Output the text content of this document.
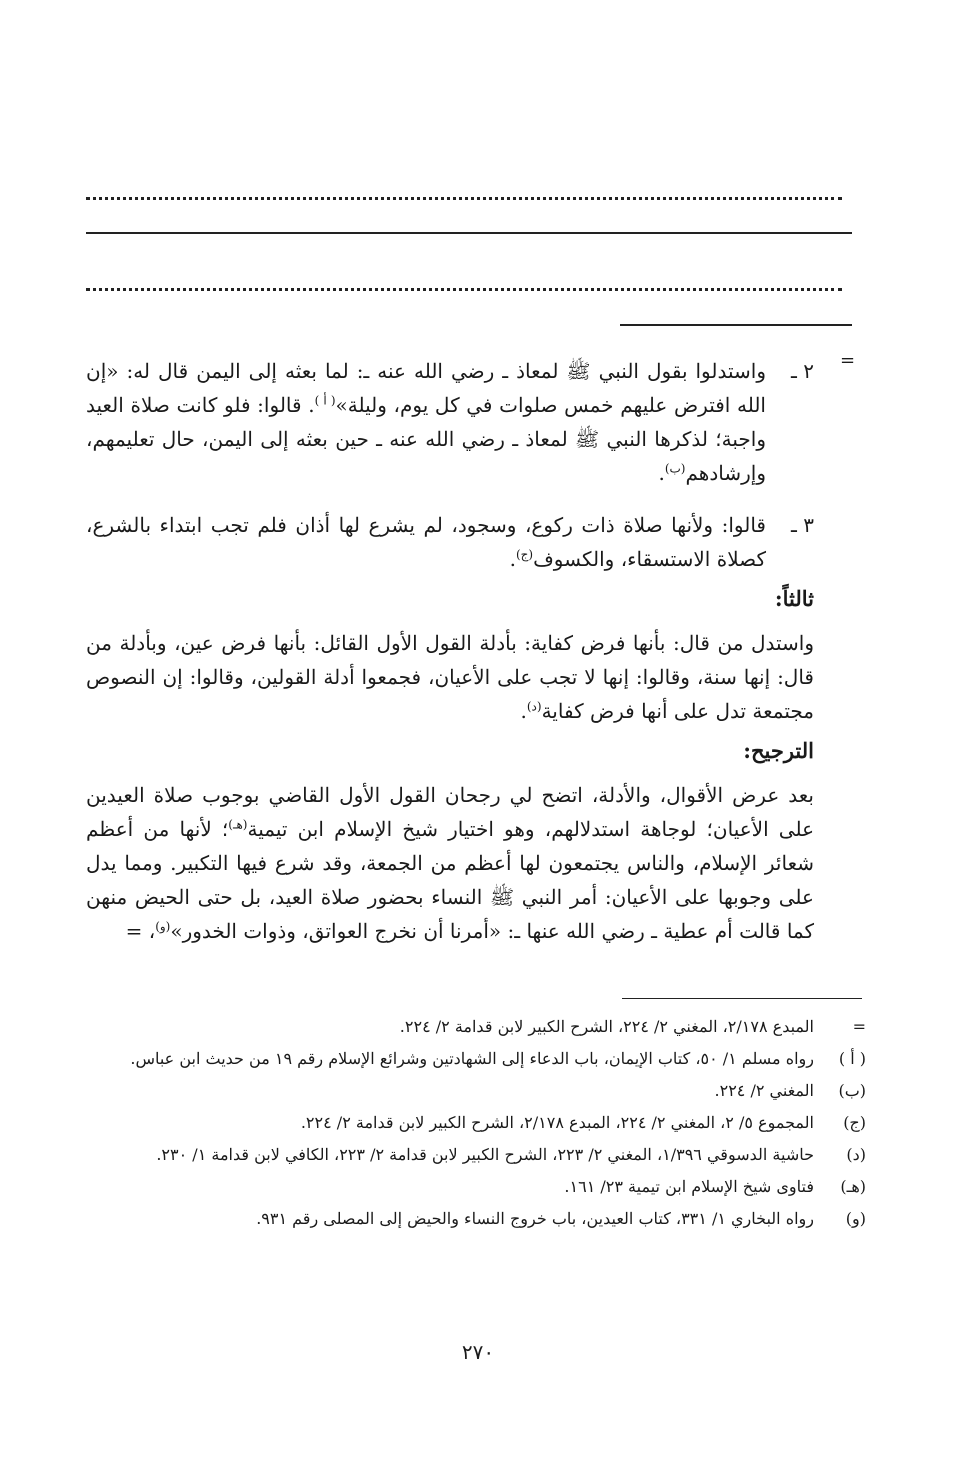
=

٢ ـ
واستدلوا بقول النبي ﷺ لمعاذ ـ رضي الله عنه ـ: لما بعثه إلى اليمن قال له: «إن الله افترض عليهم خمس صلوات في كل يوم، وليلة»$^{( أ )}$. قالوا: فلو كانت صلاة العيد واجبة؛ لذكرها النبي ﷺ لمعاذ ـ رضي الله عنه ـ حين بعثه إلى اليمن، حال تعليمهم، وإرشادهم$^{(ب)}$.

٣ ـ
قالوا: ولأنها صلاة ذات ركوع، وسجود، لم يشرع لها أذان فلم تجب ابتداء بالشرع، كصلاة الاستسقاء، والكسوف$^{(ج)}$.

ثالثاً:

واستدل من قال: بأنها فرض كفاية: بأدلة القول الأول القائل: بأنها فرض عين، وبأدلة من قال: إنها سنة، وقالوا: إنها لا تجب على الأعيان، فجمعوا أدلة القولين، وقالوا: إن النصوص مجتمعة تدل على أنها فرض كفاية$^{(د)}$.

الترجيح:

بعد عرض الأقوال، والأدلة، اتضح لي رجحان القول الأول القاضي بوجوب صلاة العيدين على الأعيان؛ لوجاهة استدلالهم، وهو اختيار شيخ الإسلام ابن تيمية$^{(هـ)}$؛ لأنها من أعظم شعائر الإسلام، والناس يجتمعون لها أعظم من الجمعة، وقد شرع فيها التكبير. ومما يدل على وجوبها على الأعيان: أمر النبي ﷺ النساء بحضور صلاة العيد، بل حتى الحيض منهن كما قالت أم عطية ـ رضي الله عنها ـ: «أمرنا أن نخرج العواتق، وذوات الخدور»$^{(و)}$، =

=
المبدع ٢/١٧٨، المغني ٢/ ٢٢٤، الشرح الكبير لابن قدامة ٢/ ٢٢٤.

( أ )
رواه مسلم ١/ ٥٠، كتاب الإيمان، باب الدعاء إلى الشهادتين وشرائع الإسلام رقم ١٩ من حديث ابن عباس.

(ب)
المغني ٢/ ٢٢٤.

(ج)
المجموع ٥/ ٢، المغني ٢/ ٢٢٤، المبدع ٢/١٧٨، الشرح الكبير لابن قدامة ٢/ ٢٢٤.

(د)
حاشية الدسوقي ١/٣٩٦، المغني ٢/ ٢٢٣، الشرح الكبير لابن قدامة ٢/ ٢٢٣، الكافي لابن قدامة ١/ ٢٣٠.

(هـ)
فتاوى شيخ الإسلام ابن تيمية ٢٣/ ١٦١.

(و)
رواه البخاري ١/ ٣٣١، كتاب العيدين، باب خروج النساء والحيض إلى المصلى رقم ٩٣١.

٢٧٠
